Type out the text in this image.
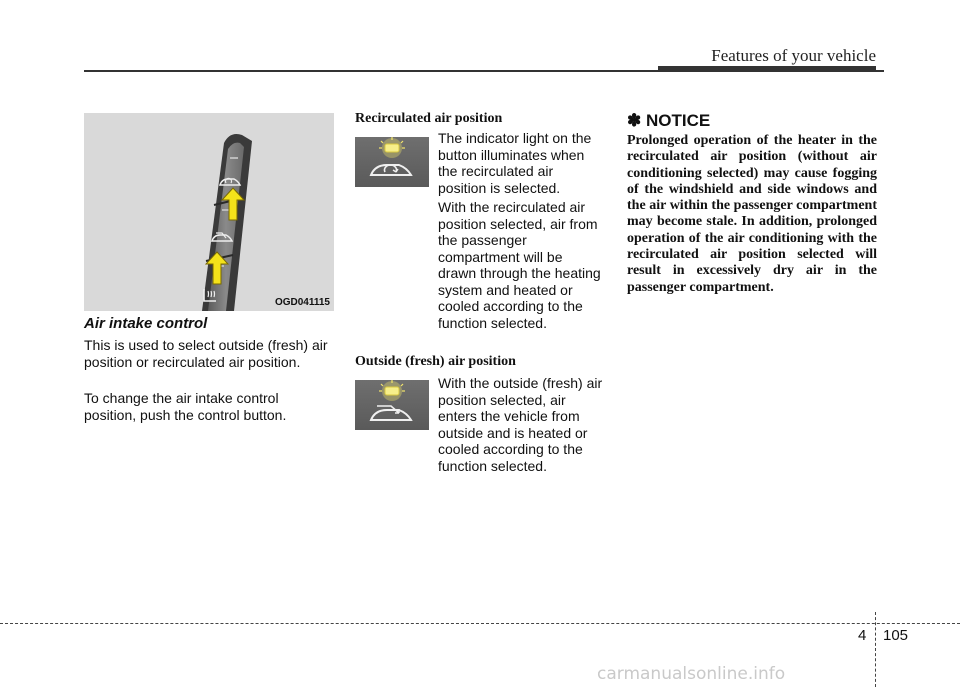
Features of your vehicle
OGD041115
Air intake control

This is used to select outside (fresh) air position or recirculated air position.

To change the air intake control position, push the control button.

Recirculated air position

The indicator light on the button illuminates when the recirculated air position is selected.

With the recirculated air position selected, air from the passenger compartment will be drawn through the heating system and heated or cooled according to the function selected.

Outside (fresh) air position

With the outside (fresh) air position selected, air enters the vehicle from outside and is heated or cooled according to the function selected.

✽ NOTICE

Prolonged operation of the heater in the recirculated air position (without air conditioning selected) may cause fogging of the windshield and side windows and the air within the passenger compartment may become stale. In addition, prolonged operation of the air conditioning with the recirculated air position selected will result in excessively dry air in the passenger compartment.

4 105
carmanualsonline.info
